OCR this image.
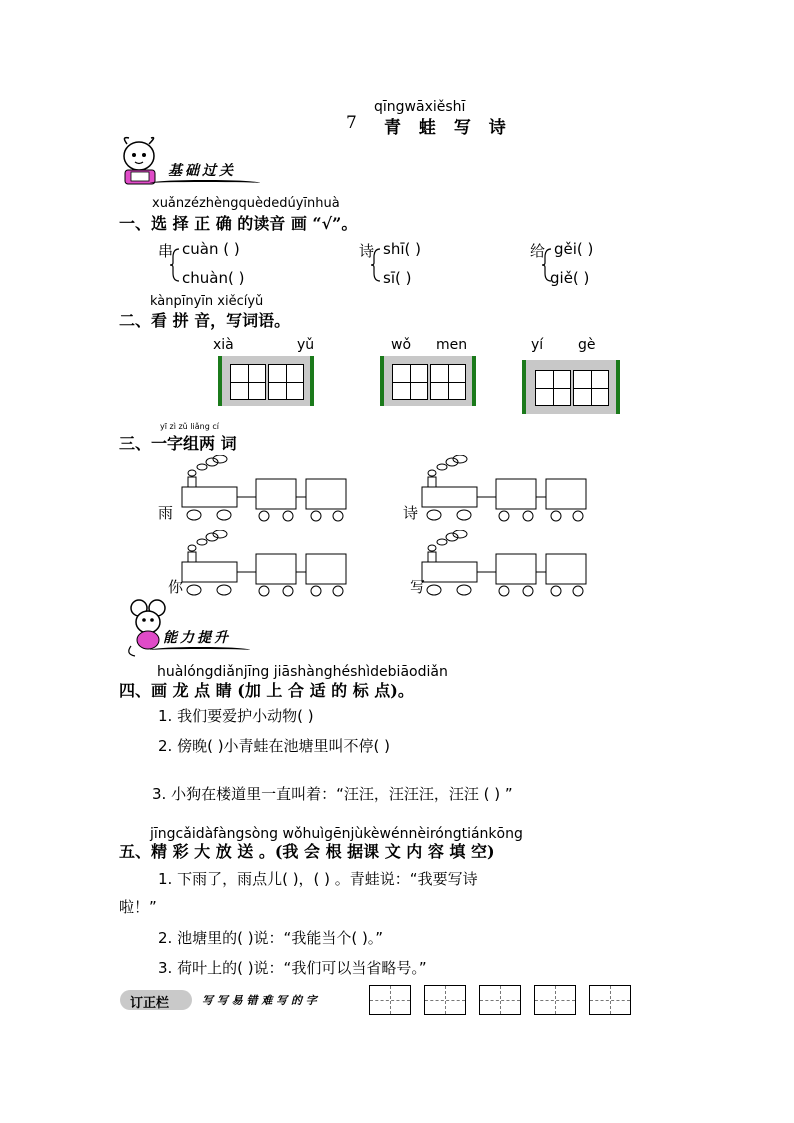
qīngwāxiěshī
7 青 蛙 写 诗
基础过关
xuǎnzézhèngquèdedúyīnhuà
一、选 择 正 确 的读音 画 “√”。
串 cuàn ( )
chuàn( )
诗 shī( )
sī( )
给 gěi( )
giě( )
kànpīnyīn xiěcíyǔ
二、看 拼 音，写词语。
xià	yǔ	wǒ men	yí gè
yī zì zǔ liǎng cí
三、一字组两 词
雨	诗
你	写
能力提升
huàlóngdiǎnjīng jiāshànghéshìdebiāodiǎn
四、画 龙 点 睛 (加 上 合 适 的 标 点)。
1. 我们要爱护小动物( )
2. 傍晚( )小青蛙在池塘里叫不停( )
3. 小狗在楼道里一直叫着：“汪汪，汪汪汪，汪汪 ( ) ”
jīngcǎidàfàngsòng wǒhuìgēnjùkèwénnèiróngtiánkōng
五、精 彩 大 放 送 。(我 会 根 据课 文 内 容 填 空)
1. 下雨了，雨点儿( )，( ) 。青蛙说：“我要写诗
啦！”
2. 池塘里的( )说：“我能当个( )。”
3. 荷叶上的( )说：“我们可以当省略号。”
订正栏	写 写 易 错 难 写 的 字
